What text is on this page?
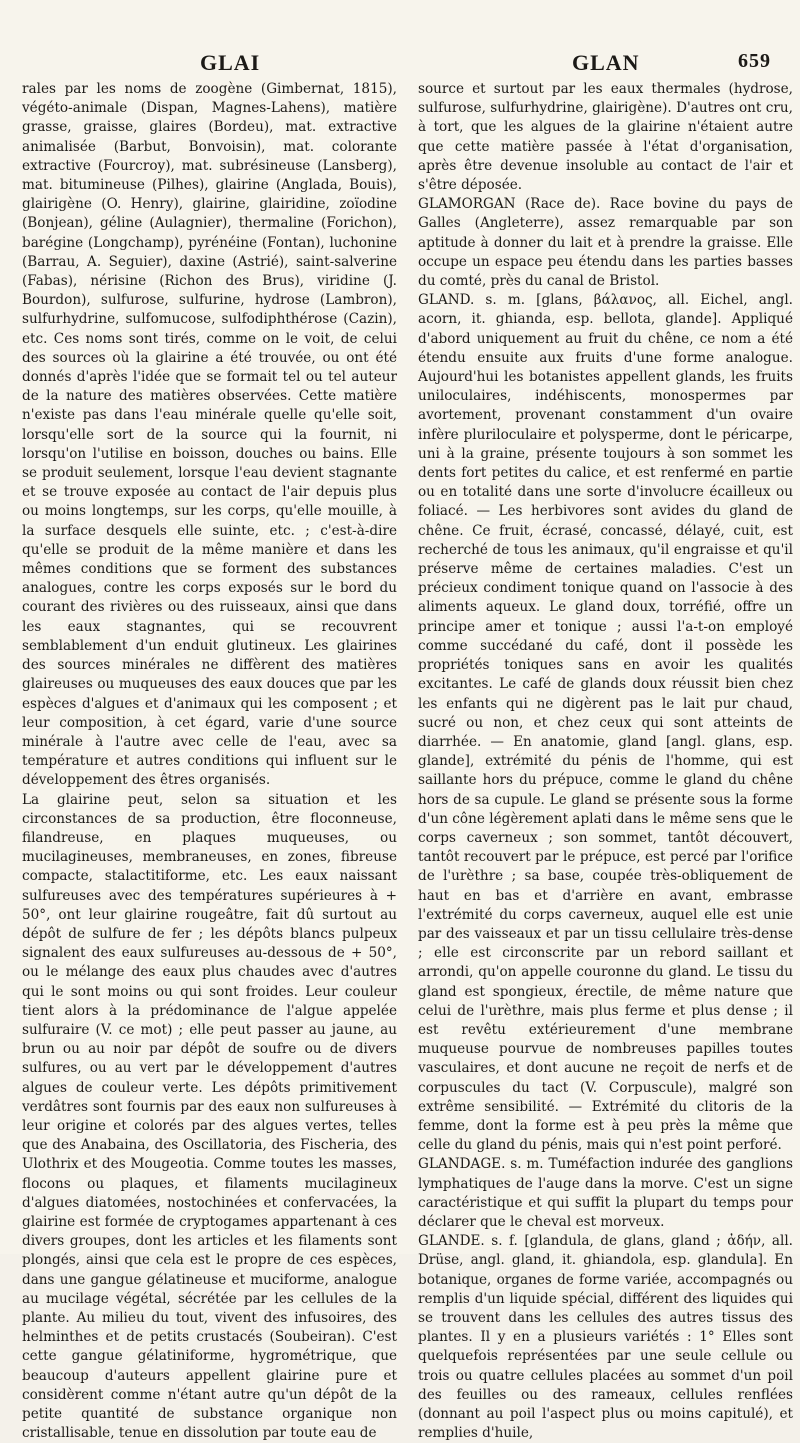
GLAI	GLAN	659

rales par les noms de zoogène (Gimbernat, 1815), végéto-animale (Dispan, Magnes-Lahens), matière grasse, graisse, glaires (Bordeu), mat. extractive animalisée (Barbut, Bonvoisin), mat. colorante extractive (Fourcroy), mat. subrésineuse (Lansberg), mat. bitumineuse (Pilhes), glairine (Anglada, Bouis), glairigène (O. Henry), glairine, glairidine, zoïodine (Bonjean), géline (Aulagnier), thermaline (Forichon), barégine (Longchamp), pyrénéine (Fontan), luchonine (Barrau, A. Seguier), daxine (Astrié), saint-salverine (Fabas), nérisine (Richon des Brus), viridine (J. Bourdon), sulfurose, sulfurine, hydrose (Lambron), sulfurhydrine, sulfomucose, sulfodiphthérose (Cazin), etc. Ces noms sont tirés, comme on le voit, de celui des sources où la glairine a été trouvée, ou ont été donnés d'après l'idée que se formait tel ou tel auteur de la nature des matières observées. Cette matière n'existe pas dans l'eau minérale quelle qu'elle soit, lorsqu'elle sort de la source qui la fournit, ni lorsqu'on l'utilise en boisson, douches ou bains. Elle se produit seulement, lorsque l'eau devient stagnante et se trouve exposée au contact de l'air depuis plus ou moins longtemps, sur les corps, qu'elle mouille, à la surface desquels elle suinte, etc. ; c'est-à-dire qu'elle se produit de la même manière et dans les mêmes conditions que se forment des substances analogues, contre les corps exposés sur le bord du courant des rivières ou des ruisseaux, ainsi que dans les eaux stagnantes, qui se recouvrent semblablement d'un enduit glutineux. Les glairines des sources minérales ne diffèrent des matières glaireuses ou muqueuses des eaux douces que par les espèces d'algues et d'animaux qui les composent ; et leur composition, à cet égard, varie d'une source minérale à l'autre avec celle de l'eau, avec sa température et autres conditions qui influent sur le développement des êtres organisés.

La glairine peut, selon sa situation et les circonstances de sa production, être floconneuse, filandreuse, en plaques muqueuses, ou mucilagineuses, membraneuses, en zones, fibreuse compacte, stalactitiforme, etc. Les eaux naissant sulfureuses avec des températures supérieures à + 50°, ont leur glairine rougeâtre, fait dû surtout au dépôt de sulfure de fer ; les dépôts blancs pulpeux signalent des eaux sulfureuses au-dessous de + 50°, ou le mélange des eaux plus chaudes avec d'autres qui le sont moins ou qui sont froides. Leur couleur tient alors à la prédominance de l'algue appelée sulfuraire (V. ce mot) ; elle peut passer au jaune, au brun ou au noir par dépôt de soufre ou de divers sulfures, ou au vert par le développement d'autres algues de couleur verte. Les dépôts primitivement verdâtres sont fournis par des eaux non sulfureuses à leur origine et colorés par des algues vertes, telles que des Anabaina, des Oscillatoria, des Fischeria, des Ulothrix et des Mougeotia. Comme toutes les masses, flocons ou plaques, et filaments mucilagineux d'algues diatomées, nostochinées et confervacées, la glairine est formée de cryptogames appartenant à ces divers groupes, dont les articles et les filaments sont plongés, ainsi que cela est le propre de ces espèces, dans une gangue gélatineuse et muciforme, analogue au mucilage végétal, sécrétée par les cellules de la plante. Au milieu du tout, vivent des infusoires, des helminthes et de petits crustacés (Soubeiran). C'est cette gangue gélatiniforme, hygrométrique, que beaucoup d'auteurs appellent glairine pure et considèrent comme n'étant autre qu'un dépôt de la petite quantité de substance organique non cristallisable, tenue en dissolution par toute eau de

source et surtout par les eaux thermales (hydrose, sulfurose, sulfurhydrine, glairigène). D'autres ont cru, à tort, que les algues de la glairine n'étaient autre que cette matière passée à l'état d'organisation, après être devenue insoluble au contact de l'air et s'être déposée.

GLAMORGAN (Race de). Race bovine du pays de Galles (Angleterre), assez remarquable par son aptitude à donner du lait et à prendre la graisse. Elle occupe un espace peu étendu dans les parties basses du comté, près du canal de Bristol.

GLAND. s. m. [glans, βάλανος, all. Eichel, angl. acorn, it. ghianda, esp. bellota, glande]. Appliqué d'abord uniquement au fruit du chêne, ce nom a été étendu ensuite aux fruits d'une forme analogue. Aujourd'hui les botanistes appellent glands, les fruits uniloculaires, indéhiscents, monospermes par avortement, provenant constamment d'un ovaire infère pluriloculaire et polysperme, dont le péricarpe, uni à la graine, présente toujours à son sommet les dents fort petites du calice, et est renfermé en partie ou en totalité dans une sorte d'involucre écailleux ou foliacé. — Les herbivores sont avides du gland de chêne. Ce fruit, écrasé, concassé, délayé, cuit, est recherché de tous les animaux, qu'il engraisse et qu'il préserve même de certaines maladies. C'est un précieux condiment tonique quand on l'associe à des aliments aqueux. Le gland doux, torréfié, offre un principe amer et tonique ; aussi l'a-t-on employé comme succédané du café, dont il possède les propriétés toniques sans en avoir les qualités excitantes. Le café de glands doux réussit bien chez les enfants qui ne digèrent pas le lait pur chaud, sucré ou non, et chez ceux qui sont atteints de diarrhée. — En anatomie, gland [angl. glans, esp. glande], extrémité du pénis de l'homme, qui est saillante hors du prépuce, comme le gland du chêne hors de sa cupule. Le gland se présente sous la forme d'un cône légèrement aplati dans le même sens que le corps caverneux ; son sommet, tantôt découvert, tantôt recouvert par le prépuce, est percé par l'orifice de l'urèthre ; sa base, coupée très-obliquement de haut en bas et d'arrière en avant, embrasse l'extrémité du corps caverneux, auquel elle est unie par des vaisseaux et par un tissu cellulaire très-dense ; elle est circonscrite par un rebord saillant et arrondi, qu'on appelle couronne du gland. Le tissu du gland est spongieux, érectile, de même nature que celui de l'urèthre, mais plus ferme et plus dense ; il est revêtu extérieurement d'une membrane muqueuse pourvue de nombreuses papilles toutes vasculaires, et dont aucune ne reçoit de nerfs et de corpuscules du tact (V. Corpuscule), malgré son extrême sensibilité. — Extrémité du clitoris de la femme, dont la forme est à peu près la même que celle du gland du pénis, mais qui n'est point perforé.

GLANDAGE. s. m. Tuméfaction indurée des ganglions lymphatiques de l'auge dans la morve. C'est un signe caractéristique et qui suffit la plupart du temps pour déclarer que le cheval est morveux.

GLANDE. s. f. [glandula, de glans, gland ; ἀδήν, all. Drüse, angl. gland, it. ghiandola, esp. glandula]. En botanique, organes de forme variée, accompagnés ou remplis d'un liquide spécial, différent des liquides qui se trouvent dans les cellules des autres tissus des plantes. Il y en a plusieurs variétés : 1° Elles sont quelquefois représentées par une seule cellule ou trois ou quatre cellules placées au sommet d'un poil des feuilles ou des rameaux, cellules renflées (donnant au poil l'aspect plus ou moins capitulé), et remplies d'huile,
